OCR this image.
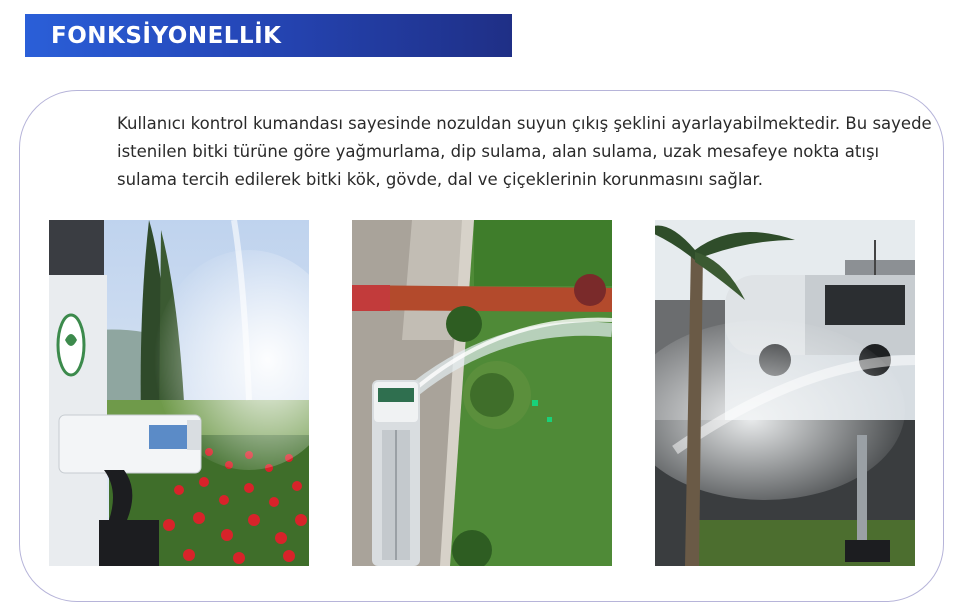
FONKSİYONELLİK

Kullanıcı kontrol kumandası sayesinde nozuldan suyun çıkış şeklini ayarlayabilmektedir. Bu sayede istenilen bitki türüne göre yağmurlama, dip sulama, alan sulama, uzak mesafeye nokta atışı sulama tercih edilerek bitki kök, gövde, dal ve çiçeklerinin korunmasını sağlar.
